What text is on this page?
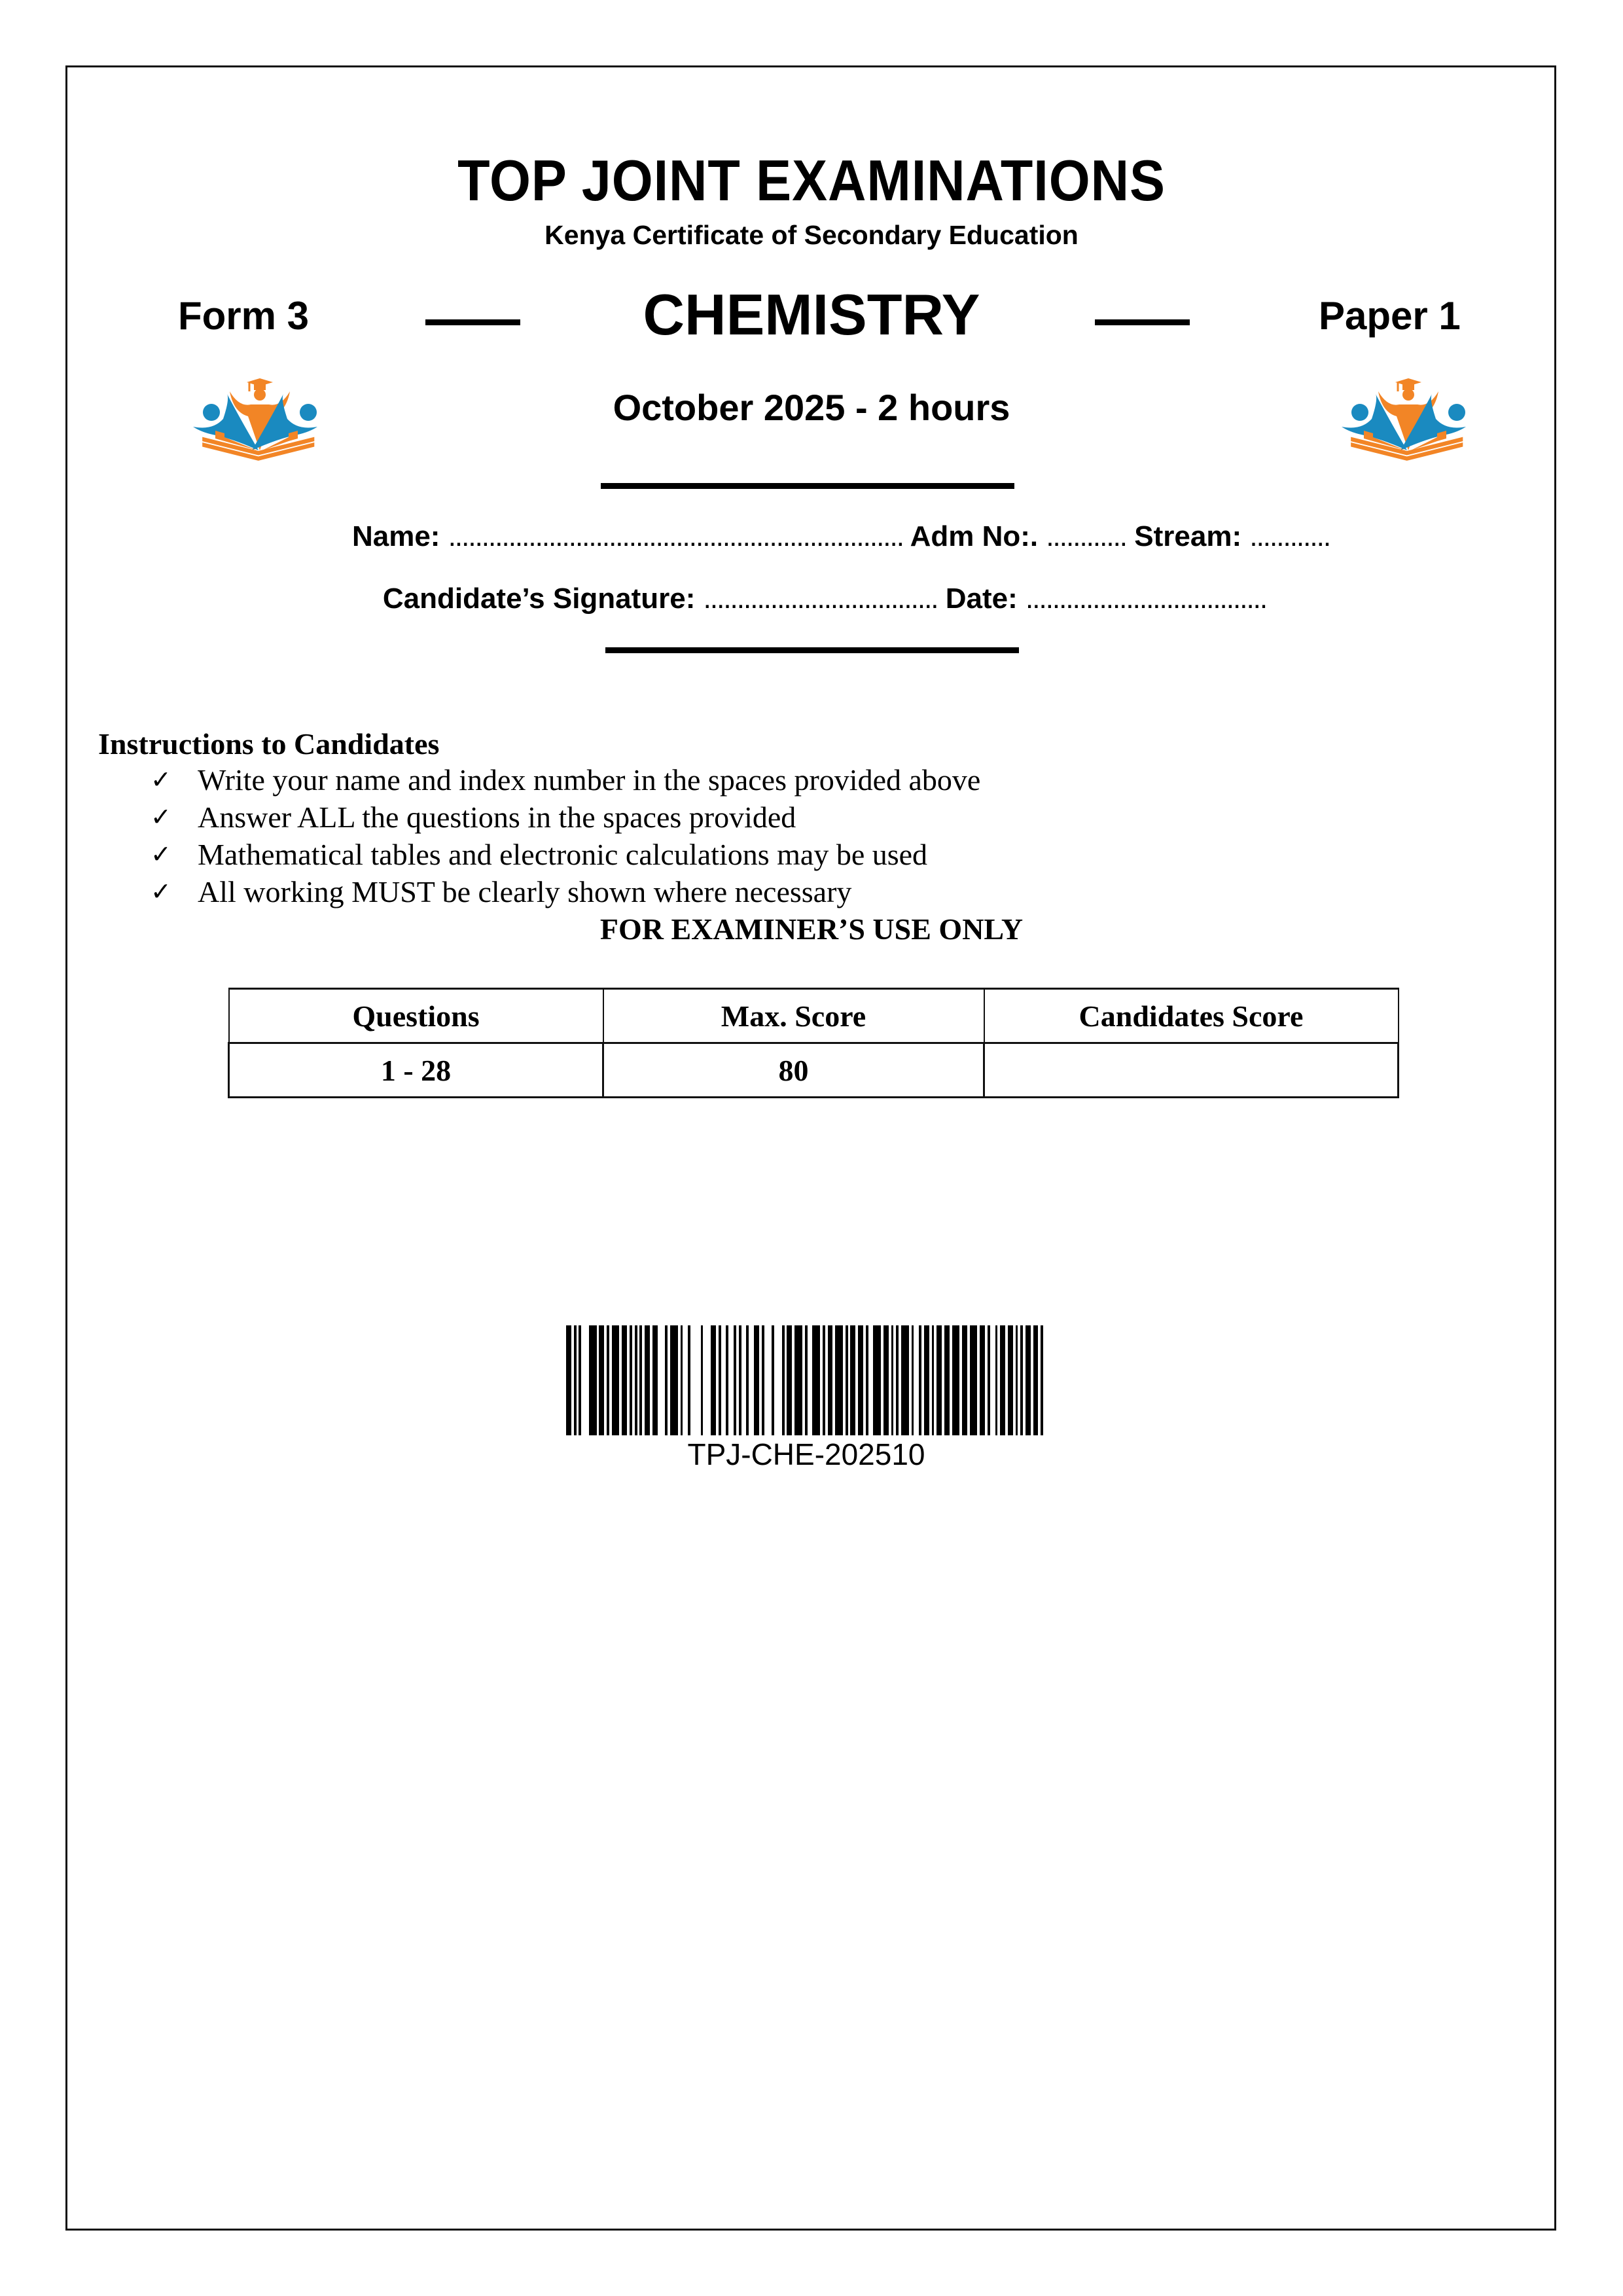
TOP JOINT EXAMINATIONS
Kenya Certificate of Secondary Education
Form 3	CHEMISTRY	Paper 1
October 2025 - 2 hours
Name: .................................................................... Adm No:. ............ Stream: ............
Candidate’s Signature: ................................... Date: ....................................
Instructions to Candidates
✓ Write your name and index number in the spaces provided above
✓ Answer ALL the questions in the spaces provided
✓ Mathematical tables and electronic calculations may be used
✓ All working MUST be clearly shown where necessary
FOR EXAMINER’S USE ONLY
Questions	Max. Score	Candidates Score
1 - 28	80	
TPJ-CHE-202510
